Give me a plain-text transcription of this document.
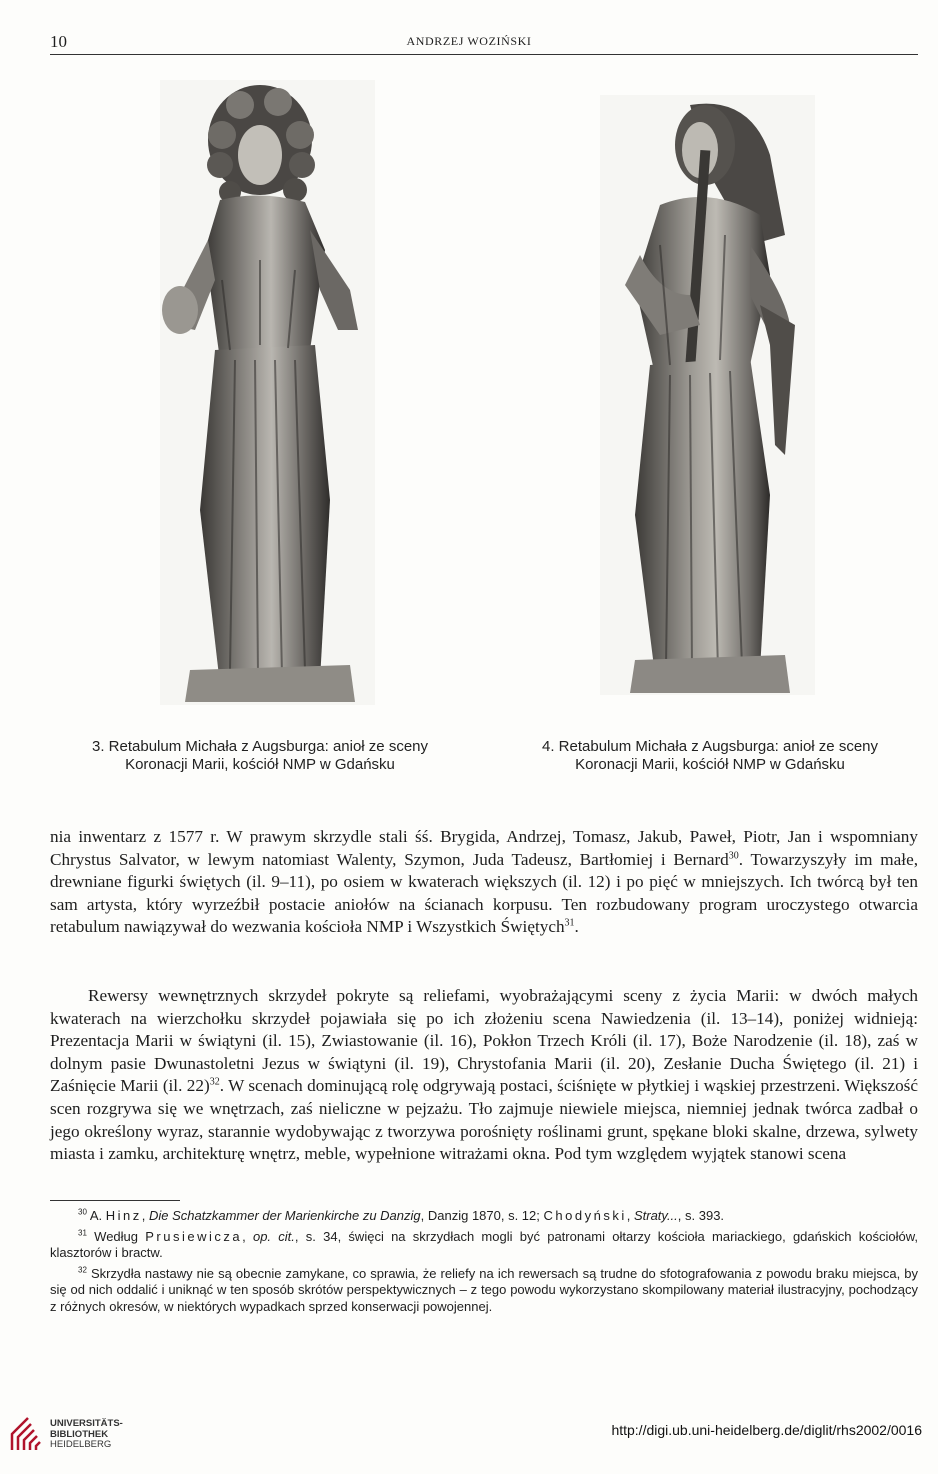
10	ANDRZEJ WOZIŃSKI
3. Retabulum Michała z Augsburga: anioł ze sceny
Koronacji Marii, kościół NMP w Gdańsku
4. Retabulum Michała z Augsburga: anioł ze sceny
Koronacji Marii, kościół NMP w Gdańsku

nia inwentarz z 1577 r. W prawym skrzydle stali śś. Brygida, Andrzej, Tomasz, Jakub, Paweł, Piotr, Jan i wspomniany Chrystus Salvator, w lewym natomiast Walenty, Szymon, Juda Tadeusz, Bartłomiej i Bernard$^{30}$. Towarzyszyły im małe, drewniane figurki świętych (il. 9–11), po osiem w kwaterach większych (il. 12) i po pięć w mniejszych. Ich twórcą był ten sam artysta, który wyrzeźbił postacie aniołów na ścianach korpusu. Ten rozbudowany program uroczystego otwarcia retabulum nawiązywał do wezwania kościoła NMP i Wszystkich Świętych$^{31}$.

Rewersy wewnętrznych skrzydeł pokryte są reliefami, wyobrażającymi sceny z życia Marii: w dwóch małych kwaterach na wierzchołku skrzydeł pojawiała się po ich złożeniu scena Nawiedzenia (il. 13–14), poniżej widnieją: Prezentacja Marii w świątyni (il. 15), Zwiastowanie (il. 16), Pokłon Trzech Króli (il. 17), Boże Narodzenie (il. 18), zaś w dolnym pasie Dwunastoletni Jezus w świątyni (il. 19), Chrystofania Marii (il. 20), Zesłanie Ducha Świętego (il. 21) i Zaśnięcie Marii (il. 22)$^{32}$. W scenach dominującą rolę odgrywają postaci, ściśnięte w płytkiej i wąskiej przestrzeni. Większość scen rozgrywa się we wnętrzach, zaś nieliczne w pejzażu. Tło zajmuje niewiele miejsca, niemniej jednak twórca zadbał o jego określony wyraz, starannie wydobywając z tworzywa porośnięty roślinami grunt, spękane bloki skalne, drzewa, sylwety miasta i zamku, architekturę wnętrz, meble, wypełnione witrażami okna. Pod tym względem wyjątek stanowi scena

$^{30}$ A. Hinz, Die Schatzkammer der Marienkirche zu Danzig, Danzig 1870, s. 12; Chodyński, Straty..., s. 393.

$^{31}$ Według Prusiewicza, op. cit., s. 34, święci na skrzydłach mogli być patronami ołtarzy kościoła mariackiego, gdańskich kościołów, klasztorów i bractw.

$^{32}$ Skrzydła nastawy nie są obecnie zamykane, co sprawia, że reliefy na ich rewersach są trudne do sfotografowania z powodu braku miejsca, by się od nich oddalić i uniknąć w ten sposób skrótów perspektywicznych – z tego powodu wykorzystano skompilowany materiał ilustracyjny, pochodzący z różnych okresów, w niektórych wypadkach sprzed konserwacji powojennej.

UNIVERSITÄTS-
BIBLIOTHEK
HEIDELBERG
http://digi.ub.uni-heidelberg.de/diglit/rhs2002/0016
